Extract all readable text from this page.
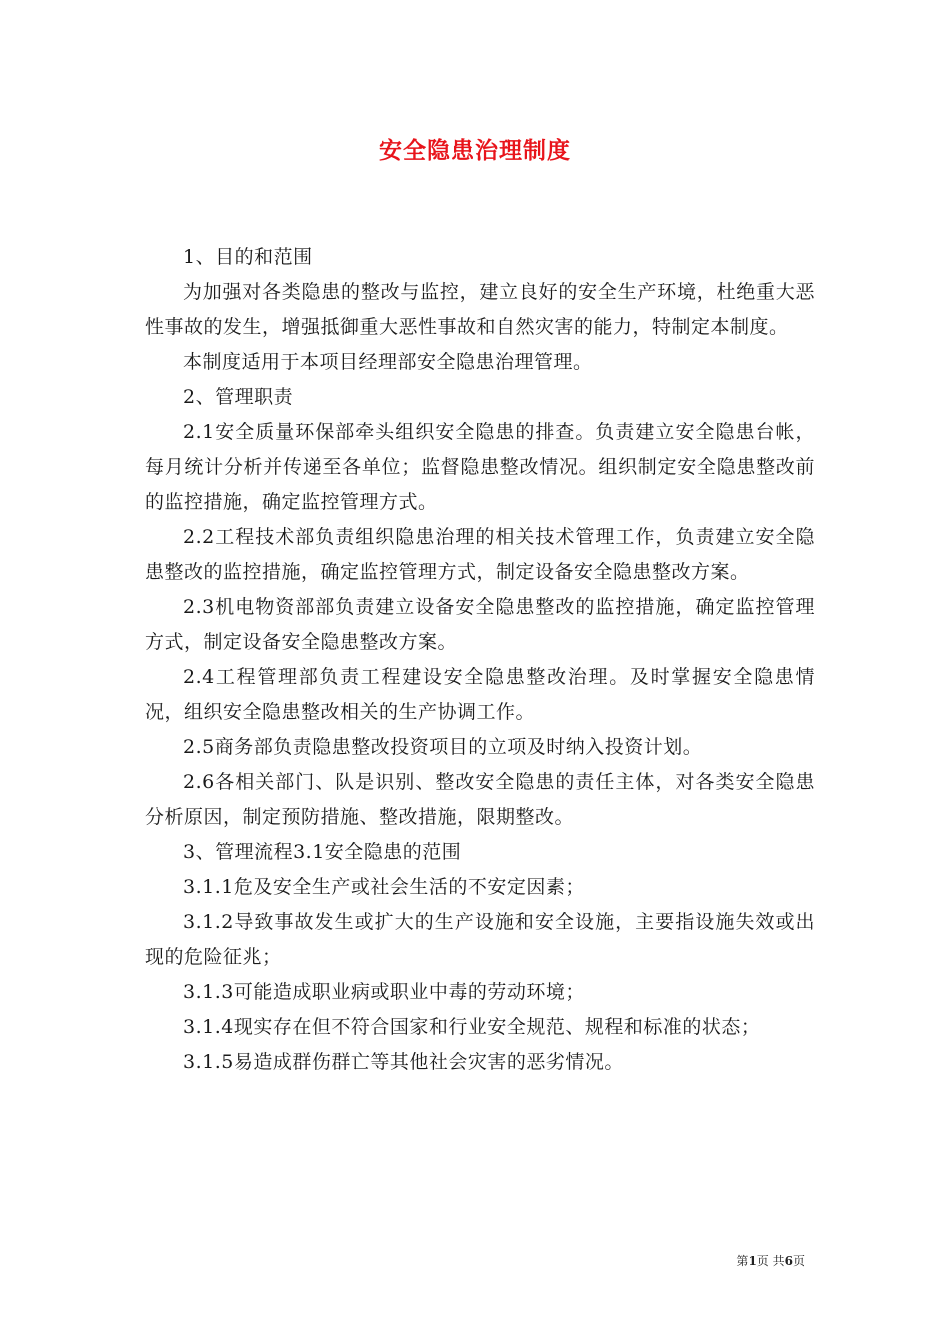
安全隐患治理制度

1、目的和范围

为加强对各类隐患的整改与监控，建立良好的安全生产环境，杜绝重大恶性事故的发生，增强抵御重大恶性事故和自然灾害的能力，特制定本制度。

本制度适用于本项目经理部安全隐患治理管理。

2、管理职责

2.1安全质量环保部牵头组织安全隐患的排查。负责建立安全隐患台帐，每月统计分析并传递至各单位；监督隐患整改情况。组织制定安全隐患整改前的监控措施，确定监控管理方式。

2.2工程技术部负责组织隐患治理的相关技术管理工作，负责建立安全隐患整改的监控措施，确定监控管理方式，制定设备安全隐患整改方案。

2.3机电物资部部负责建立设备安全隐患整改的监控措施，确定监控管理方式，制定设备安全隐患整改方案。

2.4工程管理部负责工程建设安全隐患整改治理。及时掌握安全隐患情况，组织安全隐患整改相关的生产协调工作。

2.5商务部负责隐患整改投资项目的立项及时纳入投资计划。

2.6各相关部门、队是识别、整改安全隐患的责任主体，对各类安全隐患分析原因，制定预防措施、整改措施，限期整改。

3、管理流程3.1安全隐患的范围

3.1.1危及安全生产或社会生活的不安定因素；

3.1.2导致事故发生或扩大的生产设施和安全设施，主要指设施失效或出现的危险征兆；

3.1.3可能造成职业病或职业中毒的劳动环境；

3.1.4现实存在但不符合国家和行业安全规范、规程和标准的状态；

3.1.5易造成群伤群亡等其他社会灾害的恶劣情况。

第1页 共6页
